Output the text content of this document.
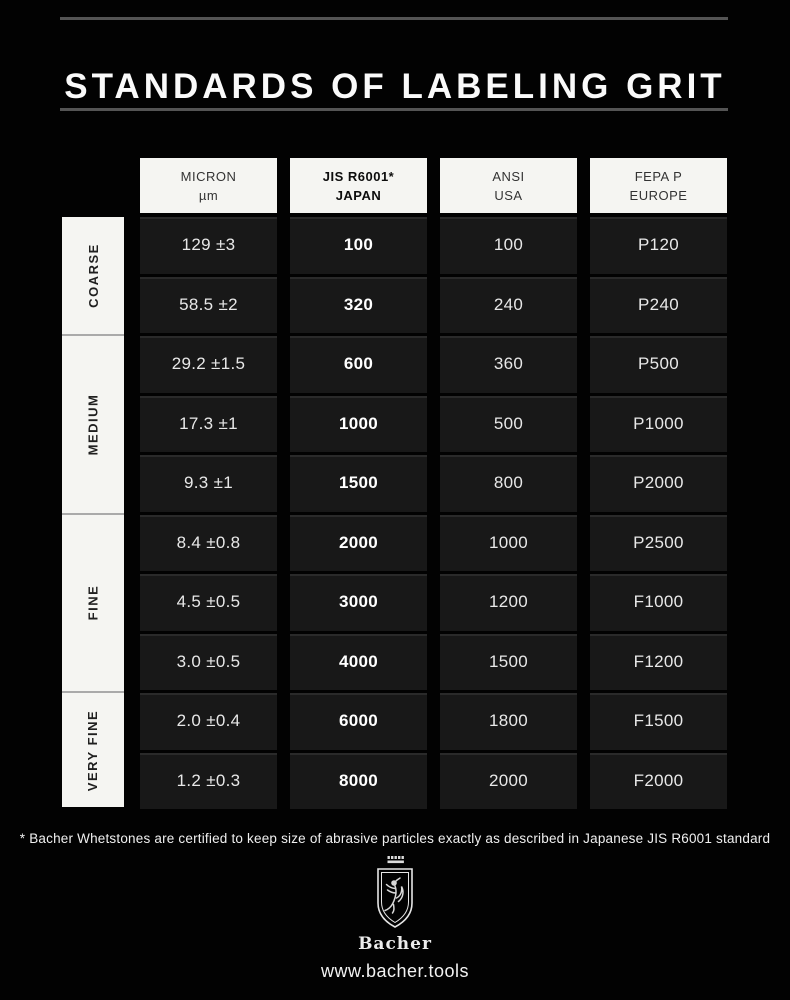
STANDARDS OF LABELING GRIT
COARSE
MEDIUM
FINE
VERY FINE
MICRON
µm
129 ±3
58.5 ±2
29.2 ±1.5
17.3 ±1
9.3 ±1
8.4 ±0.8
4.5 ±0.5
3.0 ±0.5
2.0 ±0.4
1.2 ±0.3
JIS R6001*
JAPAN
100
320
600
1000
1500
2000
3000
4000
6000
8000
ANSI
USA
100
240
360
500
800
1000
1200
1500
1800
2000
FEPA P
EUROPE
P120
P240
P500
P1000
P2000
P2500
F1000
F1200
F1500
F2000
* Bacher Whetstones are certified to keep size of abrasive particles exactly as described in Japanese JIS R6001 standard
Bacher
www.bacher.tools
